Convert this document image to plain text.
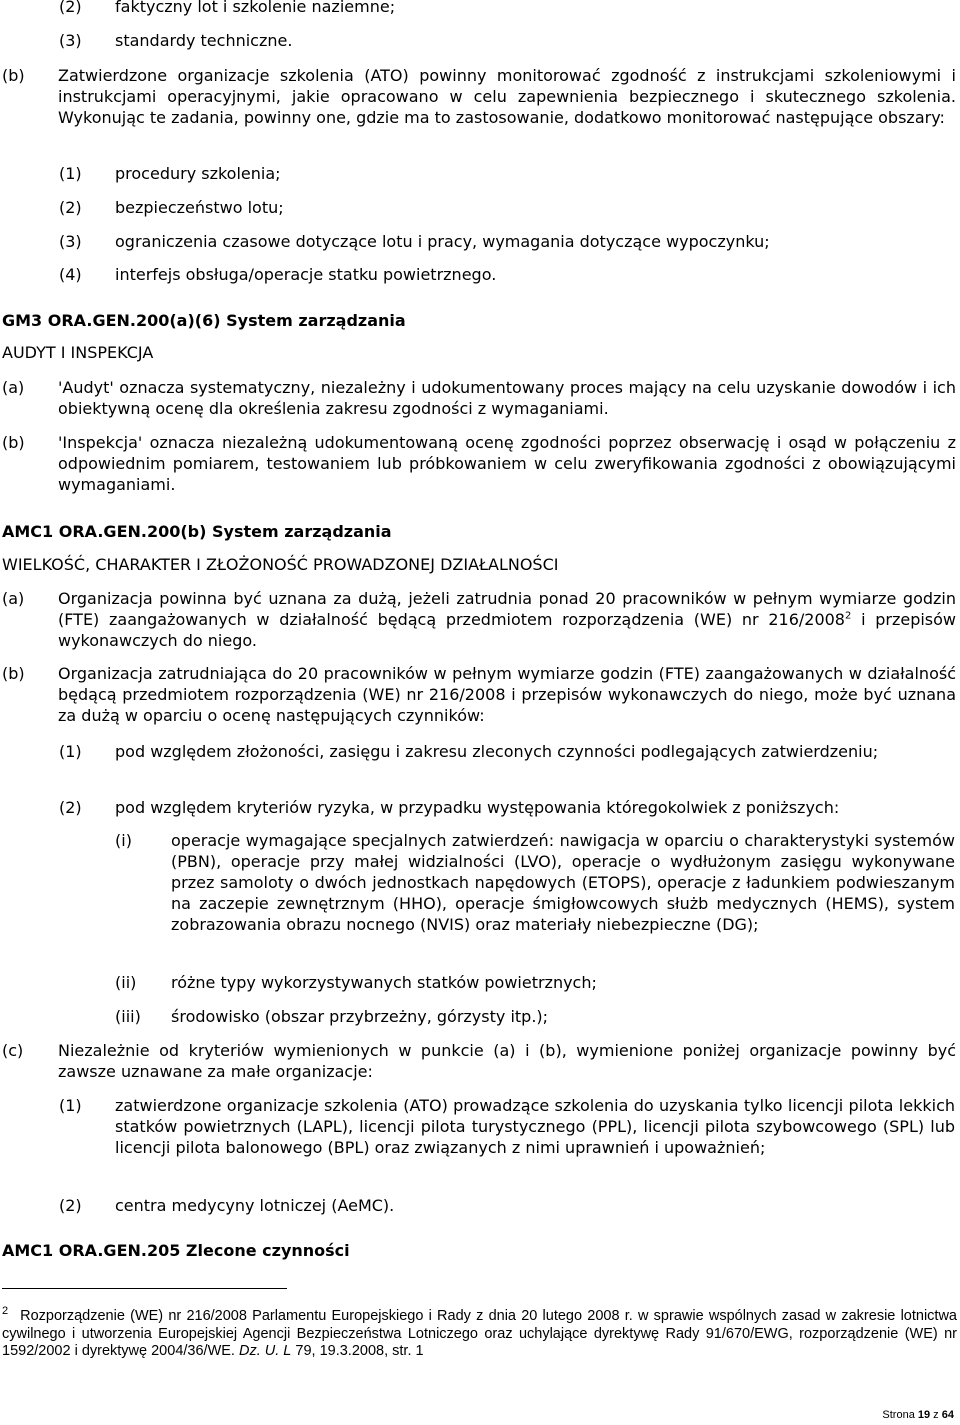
(2) faktyczny lot i szkolenie naziemne;
(3) standardy techniczne.
(b) Zatwierdzone organizacje szkolenia (ATO) powinny monitorować zgodność z instrukcjami szkoleniowymi i instrukcjami operacyjnymi, jakie opracowano w celu zapewnienia bezpiecznego i skutecznego szkolenia. Wykonując te zadania, powinny one, gdzie ma to zastosowanie, dodatkowo monitorować następujące obszary:
(1) procedury szkolenia;
(2) bezpieczeństwo lotu;
(3) ograniczenia czasowe dotyczące lotu i pracy, wymagania dotyczące wypoczynku;
(4) interfejs obsługa/operacje statku powietrznego.
GM3 ORA.GEN.200(a)(6) System zarządzania
AUDYT I INSPEKCJA
(a) 'Audyt' oznacza systematyczny, niezależny i udokumentowany proces mający na celu uzyskanie dowodów i ich obiektywną ocenę dla określenia zakresu zgodności z wymaganiami.
(b) 'Inspekcja' oznacza niezależną udokumentowaną ocenę zgodności poprzez obserwację i osąd w połączeniu z odpowiednim pomiarem, testowaniem lub próbkowaniem w celu zweryfikowania zgodności z obowiązującymi wymaganiami.
AMC1 ORA.GEN.200(b) System zarządzania
WIELKOŚĆ, CHARAKTER I ZŁOŻONOŚĆ PROWADZONEJ DZIAŁALNOŚCI
(a) Organizacja powinna być uznana za dużą, jeżeli zatrudnia ponad 20 pracowników w pełnym wymiarze godzin (FTE) zaangażowanych w działalność będącą przedmiotem rozporządzenia (WE) nr 216/2008$^2$ i przepisów wykonawczych do niego.
(b) Organizacja zatrudniająca do 20 pracowników w pełnym wymiarze godzin (FTE) zaangażowanych w działalność będącą przedmiotem rozporządzenia (WE) nr 216/2008 i przepisów wykonawczych do niego, może być uznana za dużą w oparciu o ocenę następujących czynników:
(1) pod względem złożoności, zasięgu i zakresu zleconych czynności podlegających zatwierdzeniu;
(2) pod względem kryteriów ryzyka, w przypadku występowania któregokolwiek z poniższych:
(i) operacje wymagające specjalnych zatwierdzeń: nawigacja w oparciu o charakterystyki systemów (PBN), operacje przy małej widzialności (LVO), operacje o wydłużonym zasięgu wykonywane przez samoloty o dwóch jednostkach napędowych (ETOPS), operacje z ładunkiem podwieszanym na zaczepie zewnętrznym (HHO), operacje śmigłowcowych służb medycznych (HEMS), system zobrazowania obrazu nocnego (NVIS) oraz materiały niebezpieczne (DG);
(ii) różne typy wykorzystywanych statków powietrznych;
(iii) środowisko (obszar przybrzeżny, górzysty itp.);
(c) Niezależnie od kryteriów wymienionych w punkcie (a) i (b), wymienione poniżej organizacje powinny być zawsze uznawane za małe organizacje:
(1) zatwierdzone organizacje szkolenia (ATO) prowadzące szkolenia do uzyskania tylko licencji pilota lekkich statków powietrznych (LAPL), licencji pilota turystycznego (PPL), licencji pilota szybowcowego (SPL) lub licencji pilota balonowego (BPL) oraz związanych z nimi uprawnień i upoważnień;
(2) centra medycyny lotniczej (AeMC).
AMC1 ORA.GEN.205 Zlecone czynności
$^2$ Rozporządzenie (WE) nr 216/2008 Parlamentu Europejskiego i Rady z dnia 20 lutego 2008 r. w sprawie wspólnych zasad w zakresie lotnictwa cywilnego i utworzenia Europejskiej Agencji Bezpieczeństwa Lotniczego oraz uchylające dyrektywę Rady 91/670/EWG, rozporządzenie (WE) nr 1592/2002 i dyrektywę 2004/36/WE. Dz. U. L 79, 19.3.2008, str. 1
Strona 19 z 64
